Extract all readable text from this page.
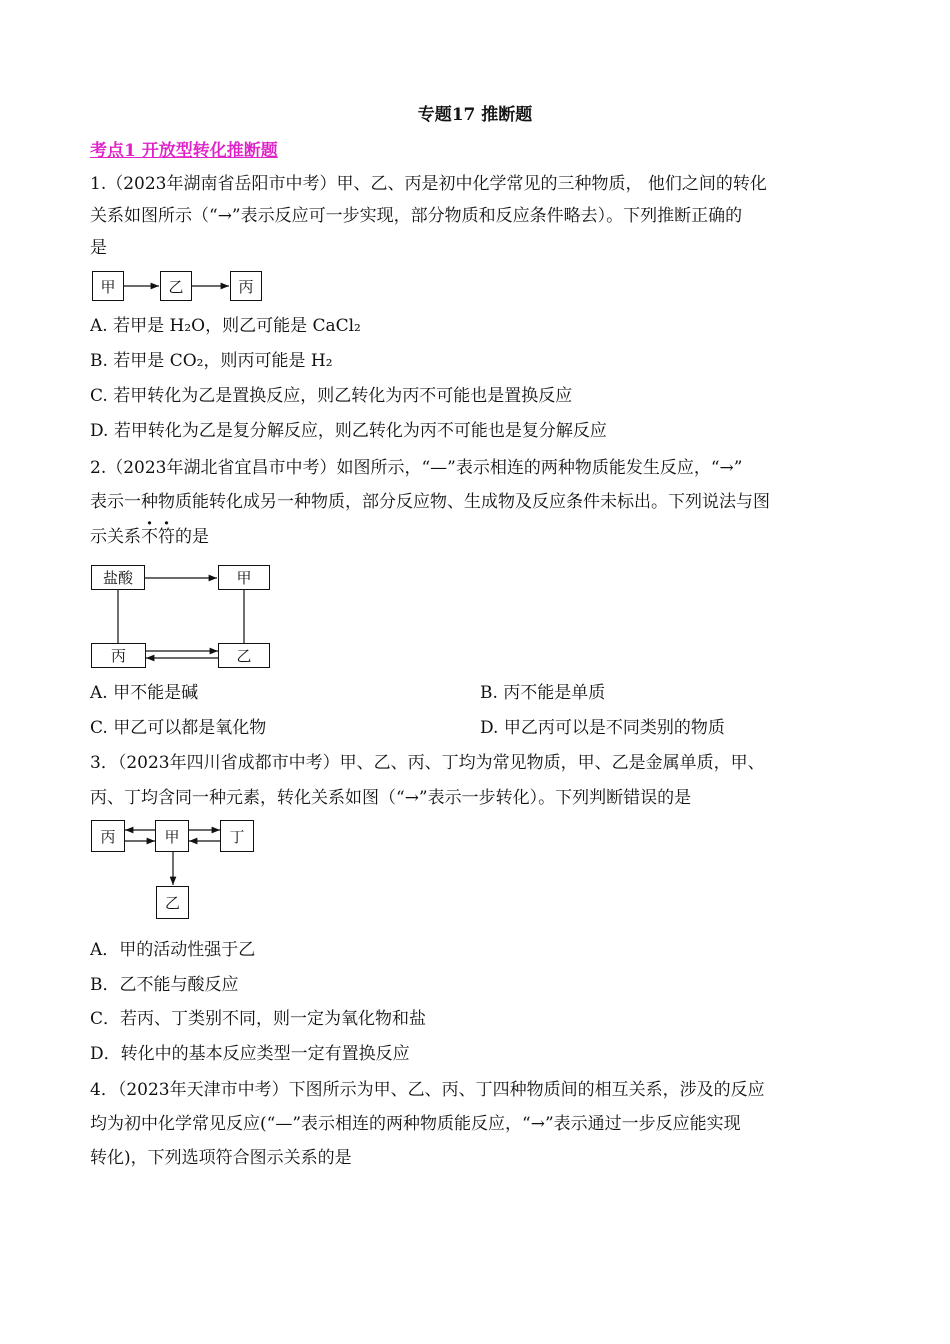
专题17 推断题
考点1 开放型转化推断题
1.（2023年湖南省岳阳市中考）甲、乙、丙是初中化学常见的三种物质， 他们之间的转化
关系如图所示（“→”表示反应可一步实现，部分物质和反应条件略去）。下列推断正确的
是
甲	乙	丙
A. 若甲是 H₂O，则乙可能是 CaCl₂
B. 若甲是 CO₂，则丙可能是 H₂
C. 若甲转化为乙是置换反应，则乙转化为丙不可能也是置换反应
D. 若甲转化为乙是复分解反应，则乙转化为丙不可能也是复分解反应
2.（2023年湖北省宜昌市中考）如图所示，“—”表示相连的两种物质能发生反应，“→”
表示一种物质能转化成另一种物质，部分反应物、生成物及反应条件未标出。下列说法与图
示关系不符的是
盐酸	甲
丙	乙
A. 甲不能是碱	B. 丙不能是单质
C. 甲乙可以都是氧化物	D. 甲乙丙可以是不同类别的物质
3．（2023年四川省成都市中考）甲、乙、丙、丁均为常见物质，甲、乙是金属单质，甲、
丙、丁均含同一种元素，转化关系如图（“→”表示一步转化）。下列判断错误的是
丙	甲	丁
乙
A．甲的活动性强于乙
B．乙不能与酸反应
C．若丙、丁类别不同，则一定为氧化物和盐
D．转化中的基本反应类型一定有置换反应
4．（2023年天津市中考）下图所示为甲、乙、丙、丁四种物质间的相互关系，涉及的反应
均为初中化学常见反应(“—”表示相连的两种物质能反应，“→”表示通过一步反应能实现
转化)，下列选项符合图示关系的是
